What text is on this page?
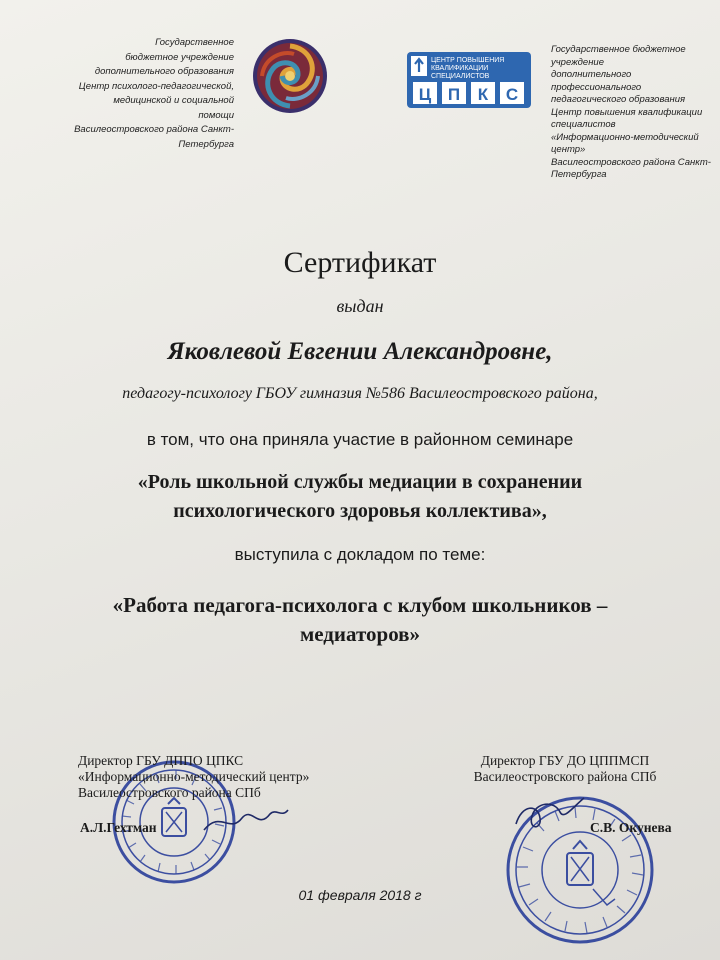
Государственное
бюджетное учреждение
дополнительного образования
Центр психолого-педагогической,
медицинской и социальной
помощи
Василеостровского района Санкт-
Петербурга
ЦЕНТР ПОВЫШЕНИЯ
КВАЛИФИКАЦИИ
СПЕЦИАЛИСТОВ
Ц П К С
Государственное бюджетное
учреждение
дополнительного
профессионального
педагогического образования
Центр повышения квалификации
специалистов
«Информационно-методический
центр»
Василеостровского района Санкт-
Петербурга
Сертификат
выдан
Яковлевой Евгении Александровне,
педагогу-психологу ГБОУ гимназия №586 Василеостровского района,
в том, что она приняла участие в районном семинаре
«Роль школьной службы медиации в сохранении
психологического здоровья коллектива»,
выступила с докладом по теме:
«Работа педагога-психолога с клубом школьников –
медиаторов»
Директор ГБУ ДППО ЦПКС
«Информационно-методический центр»
Василеостровского района СПб
Директор ГБУ ДО ЦППМСП
Василеостровского района СПб
А.Л.Гехтман	С.В. Окунева
01 февраля 2018 г
